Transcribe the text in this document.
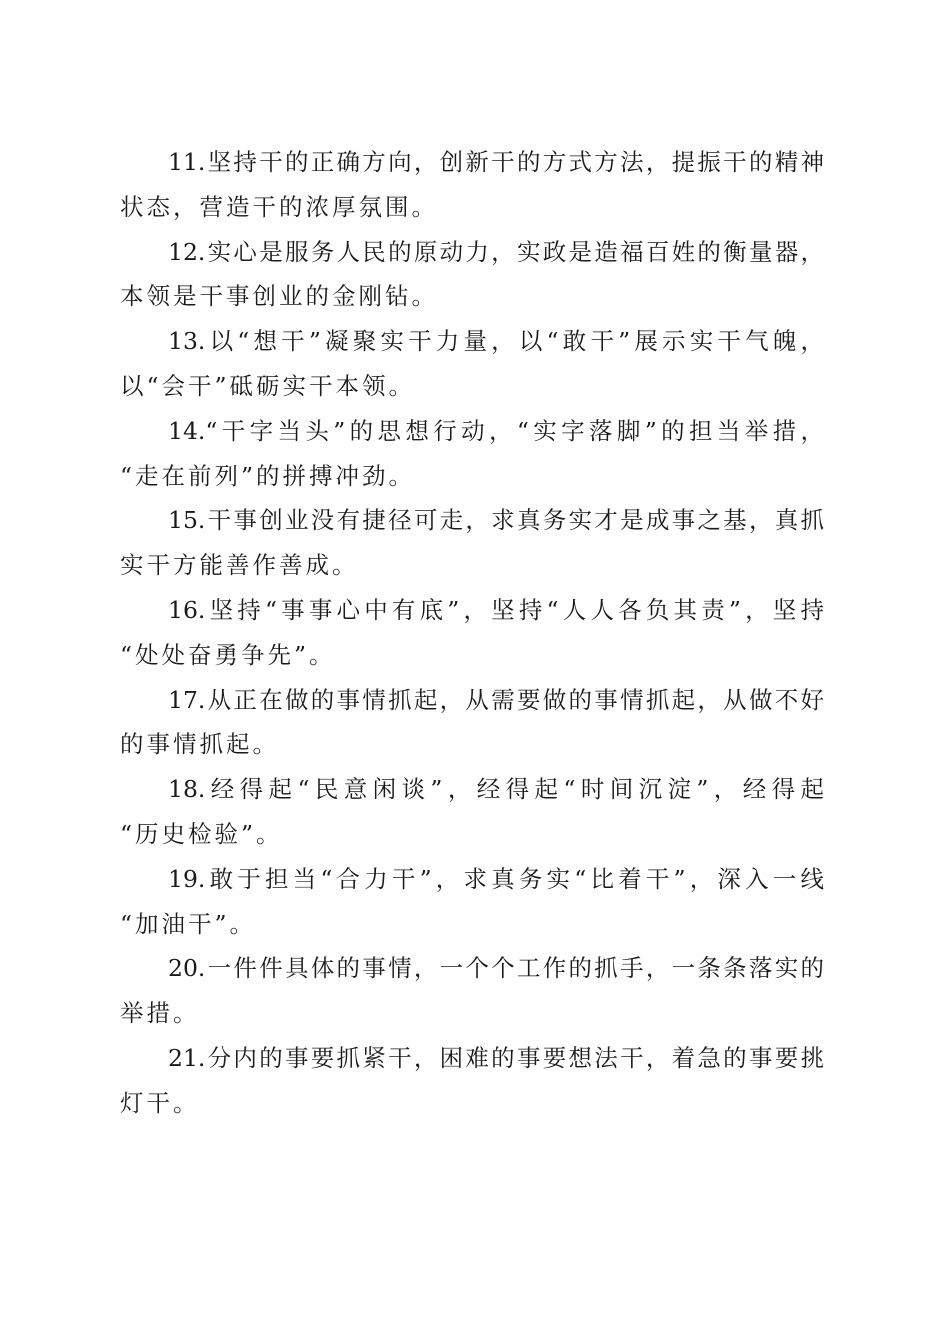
11.坚持干的正确方向，创新干的方式方法，提振干的精神
状态，营造干的浓厚氛围。

12.实心是服务人民的原动力，实政是造福百姓的衡量器，
本领是干事创业的金刚钻。

13.以“想干”凝聚实干力量，以“敢干”展示实干气魄，
以“会干”砥砺实干本领。

14.“干字当头”的思想行动，“实字落脚”的担当举措，
“走在前列”的拼搏冲劲。

15.干事创业没有捷径可走，求真务实才是成事之基，真抓
实干方能善作善成。

16.坚持“事事心中有底”，坚持“人人各负其责”，坚持
“处处奋勇争先”。

17.从正在做的事情抓起，从需要做的事情抓起，从做不好
的事情抓起。

18.经得起“民意闲谈”，经得起“时间沉淀”，经得起
“历史检验”。

19.敢于担当“合力干”，求真务实“比着干”，深入一线
“加油干”。

20.一件件具体的事情，一个个工作的抓手，一条条落实的
举措。

21.分内的事要抓紧干，困难的事要想法干，着急的事要挑
灯干。
